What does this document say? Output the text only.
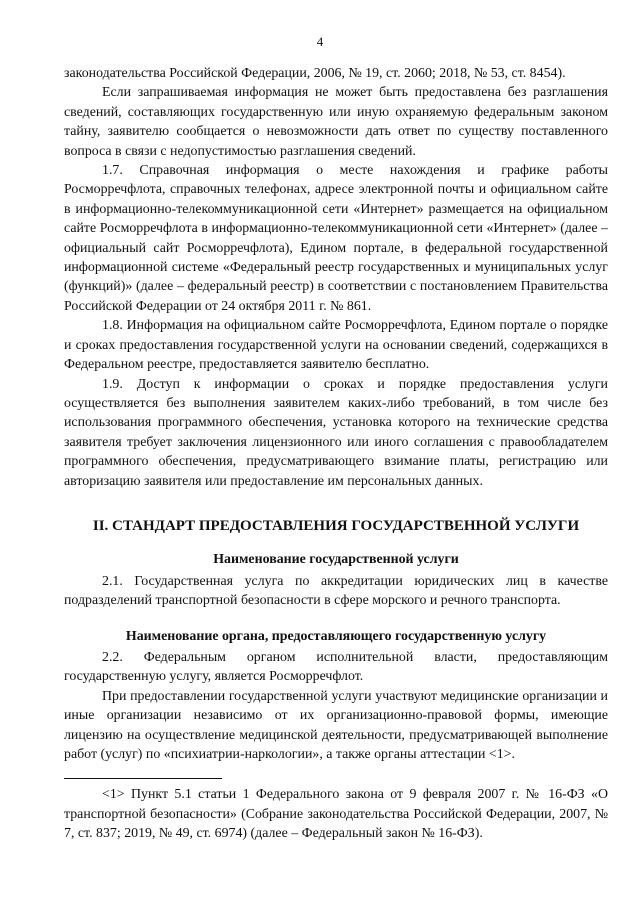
4

законодательства Российской Федерации, 2006, № 19, ст. 2060; 2018, № 53, ст. 8454).

Если запрашиваемая информация не может быть предоставлена без разглашения сведений, составляющих государственную или иную охраняемую федеральным законом тайну, заявителю сообщается о невозможности дать ответ по существу поставленного вопроса в связи с недопустимостью разглашения сведений.

1.7. Справочная информация о месте нахождения и графике работы Росморречфлота, справочных телефонах, адресе электронной почты и официальном сайте в информационно-телекоммуникационной сети «Интернет» размещается на официальном сайте Росморречфлота в информационно-телекоммуникационной сети «Интернет» (далее – официальный сайт Росморречфлота), Едином портале, в федеральной государственной информационной системе «Федеральный реестр государственных и муниципальных услуг (функций)» (далее – федеральный реестр) в соответствии с постановлением Правительства Российской Федерации от 24 октября 2011 г. № 861.

1.8. Информация на официальном сайте Росморречфлота, Едином портале о порядке и сроках предоставления государственной услуги на основании сведений, содержащихся в Федеральном реестре, предоставляется заявителю бесплатно.

1.9. Доступ к информации о сроках и порядке предоставления услуги осуществляется без выполнения заявителем каких-либо требований, в том числе без использования программного обеспечения, установка которого на технические средства заявителя требует заключения лицензионного или иного соглашения с правообладателем программного обеспечения, предусматривающего взимание платы, регистрацию или авторизацию заявителя или предоставление им персональных данных.

II. СТАНДАРТ ПРЕДОСТАВЛЕНИЯ ГОСУДАРСТВЕННОЙ УСЛУГИ

Наименование государственной услуги

2.1. Государственная услуга по аккредитации юридических лиц в качестве подразделений транспортной безопасности в сфере морского и речного транспорта.

Наименование органа, предоставляющего государственную услугу

2.2. Федеральным органом исполнительной власти, предоставляющим государственную услугу, является Росморречфлот.

При предоставлении государственной услуги участвуют медицинские организации и иные организации независимо от их организационно-правовой формы, имеющие лицензию на осуществление медицинской деятельности, предусматривающей выполнение работ (услуг) по «психиатрии-наркологии», а также органы аттестации <1>.

<1> Пункт 5.1 статьи 1 Федерального закона от 9 февраля 2007 г. № 16-ФЗ «О транспортной безопасности» (Собрание законодательства Российской Федерации, 2007, № 7, ст. 837; 2019, № 49, ст. 6974) (далее – Федеральный закон № 16-ФЗ).
